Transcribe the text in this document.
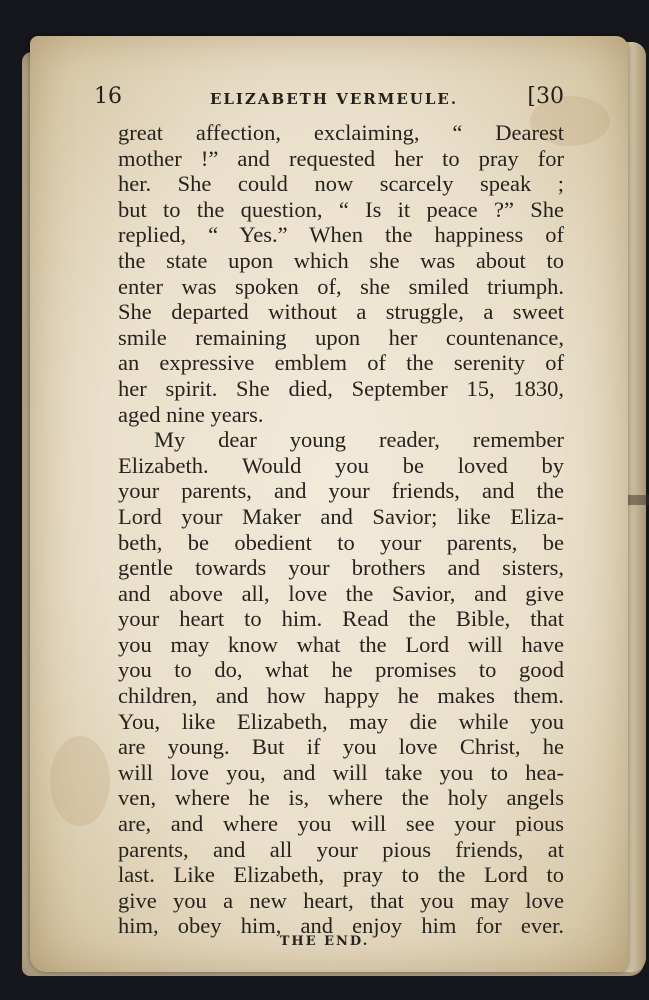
16	ELIZABETH VERMEULE.	[30
great affection, exclaiming, “ Dearest
mother !” and requested her to pray for
her. She could now scarcely speak ;
but to the question, “ Is it peace ?” She
replied, “ Yes.” When the happiness of
the state upon which she was about to
enter was spoken of, she smiled triumph.
She departed without a struggle, a sweet
smile remaining upon her countenance,
an expressive emblem of the serenity of
her spirit. She died, September 15, 1830,
aged nine years.
My dear young reader, remember
Elizabeth. Would you be loved by
your parents, and your friends, and the
Lord your Maker and Savior; like Eliza-
beth, be obedient to your parents, be
gentle towards your brothers and sisters,
and above all, love the Savior, and give
your heart to him. Read the Bible, that
you may know what the Lord will have
you to do, what he promises to good
children, and how happy he makes them.
You, like Elizabeth, may die while you
are young. But if you love Christ, he
will love you, and will take you to hea-
ven, where he is, where the holy angels
are, and where you will see your pious
parents, and all your pious friends, at
last. Like Elizabeth, pray to the Lord to
give you a new heart, that you may love
him, obey him, and enjoy him for ever.
THE END.
